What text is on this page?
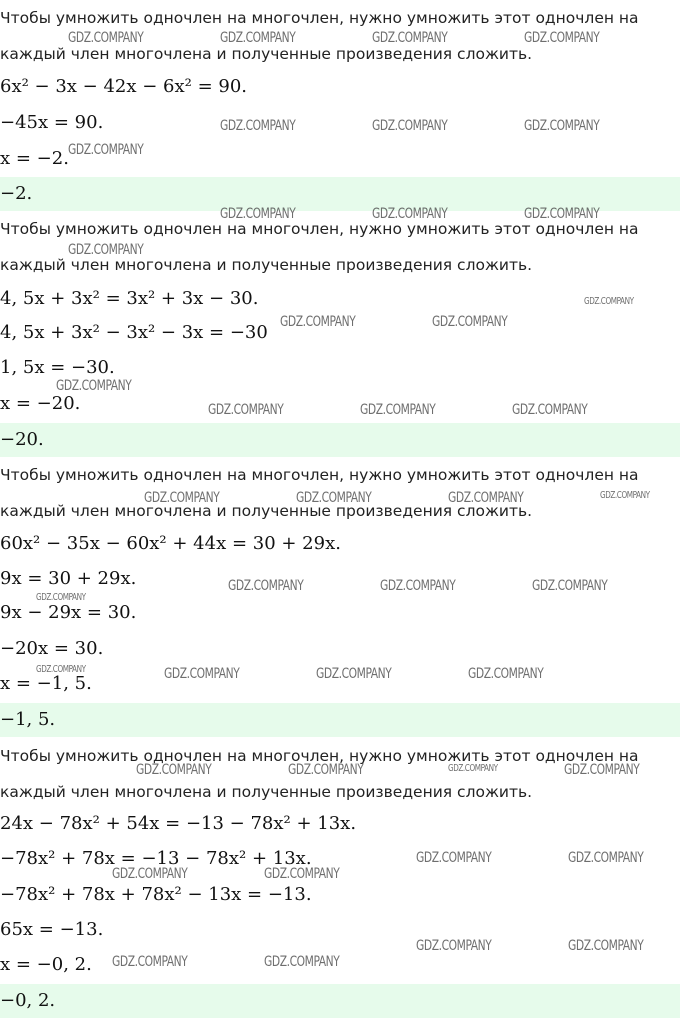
Чтобы умножить одночлен на многочлен, нужно умножить этот одночлен на
каждый член многочлена и полученные произведения сложить.
6x² − 3x − 42x − 6x² = 90.
−45x = 90.
x = −2.
−2.
Чтобы умножить одночлен на многочлен, нужно умножить этот одночлен на
каждый член многочлена и полученные произведения сложить.
4, 5x + 3x² = 3x² + 3x − 30.
4, 5x + 3x² − 3x² − 3x = −30
1, 5x = −30.
x = −20.
−20.
Чтобы умножить одночлен на многочлен, нужно умножить этот одночлен на
каждый член многочлена и полученные произведения сложить.
60x² − 35x − 60x² + 44x = 30 + 29x.
9x = 30 + 29x.
9x − 29x = 30.
−20x = 30.
x = −1, 5.
−1, 5.
Чтобы умножить одночлен на многочлен, нужно умножить этот одночлен на
каждый член многочлена и полученные произведения сложить.
24x − 78x² + 54x = −13 − 78x² + 13x.
−78x² + 78x = −13 − 78x² + 13x.
−78x² + 78x + 78x² − 13x = −13.
65x = −13.
x = −0, 2.
−0, 2.
GDZ.COMPANY	GDZ.COMPANY	GDZ.COMPANY	GDZ.COMPANY
GDZ.COMPANY	GDZ.COMPANY	GDZ.COMPANY
GDZ.COMPANY
GDZ.COMPANY	GDZ.COMPANY	GDZ.COMPANY
GDZ.COMPANY
GDZ.COMPANY
GDZ.COMPANY	GDZ.COMPANY
GDZ.COMPANY
GDZ.COMPANY	GDZ.COMPANY	GDZ.COMPANY
GDZ.COMPANY	GDZ.COMPANY	GDZ.COMPANY	GDZ.COMPANY
GDZ.COMPANY	GDZ.COMPANY	GDZ.COMPANY
GDZ.COMPANY
GDZ.COMPANY	GDZ.COMPANY	GDZ.COMPANY	GDZ.COMPANY
GDZ.COMPANY	GDZ.COMPANY	GDZ.COMPANY	GDZ.COMPANY
GDZ.COMPANY	GDZ.COMPANY
GDZ.COMPANY	GDZ.COMPANY
GDZ.COMPANY	GDZ.COMPANY
GDZ.COMPANY	GDZ.COMPANY
